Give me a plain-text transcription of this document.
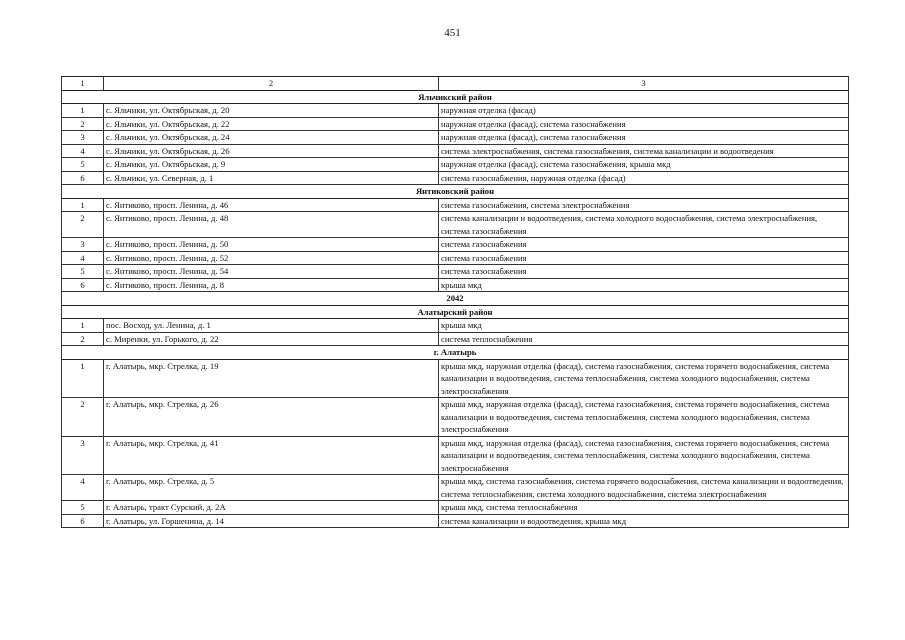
451
1	2	3
Яльчикский район		
1	с. Яльчики, ул. Октябрьская, д. 20	наружная отделка (фасад)
2	с. Яльчики, ул. Октябрьская, д. 22	наружная отделка (фасад), система газоснабжения
3	с. Яльчики, ул. Октябрьская, д. 24	наружная отделка (фасад), система газоснабжения
4	с. Яльчики, ул. Октябрьская, д. 26	система электроснабжения, система газоснабжения, система канализации и водоотведения
5	с. Яльчики, ул. Октябрьская, д. 9	наружная отделка (фасад), система газоснабжения, крыша мкд
6	с. Яльчики, ул. Северная, д. 1	система газоснабжения, наружная отделка (фасад)
Янтиковский район		
1	с. Янтиково, просп. Ленина, д. 46	система газоснабжения, система электроснабжения
2	с. Янтиково, просп. Ленина, д. 48	система канализации и водоотведения, система холодного водоснабжения, система электроснабжения, система газоснабжения
3	с. Янтиково, просп. Ленина, д. 50	система газоснабжения
4	с. Янтиково, просп. Ленина, д. 52	система газоснабжения
5	с. Янтиково, просп. Ленина, д. 54	система газоснабжения
6	с. Янтиково, просп. Ленина, д. 8	крыша мкд
2042		
Алатырский район		
1	пос. Восход, ул. Ленина, д. 1	крыша мкд
2	с. Миренки, ул. Горького, д. 22	система теплоснабжения
г. Алатырь		
1	г. Алатырь, мкр. Стрелка, д. 19	крыша мкд, наружная отделка (фасад), система газоснабжения, система горячего водоснабжения, система канализации и водоотведения, система теплоснабжения, система холодного водоснабжения, система электроснабжения
2	г. Алатырь, мкр. Стрелка, д. 26	крыша мкд, наружная отделка (фасад), система газоснабжения, система горячего водоснабжения, система канализации и водоотведения, система теплоснабжения, система холодного водоснабжения, система электроснабжения
3	г. Алатырь, мкр. Стрелка, д. 41	крыша мкд, наружная отделка (фасад), система газоснабжения, система горячего водоснабжения, система канализации и водоотведения, система теплоснабжения, система холодного водоснабжения, система электроснабжения
4	г. Алатырь, мкр. Стрелка, д. 5	крыша мкд, система газоснабжения, система горячего водоснабжения, система канализации и водоотведения, система теплоснабжения, система холодного водоснабжения, система электроснабжения
5	г. Алатырь, тракт Сурский, д. 2А	крыша мкд, система теплоснабжения
6	г. Алатырь, ул. Горшенина, д. 14	система канализации и водоотведения, крыша мкд
